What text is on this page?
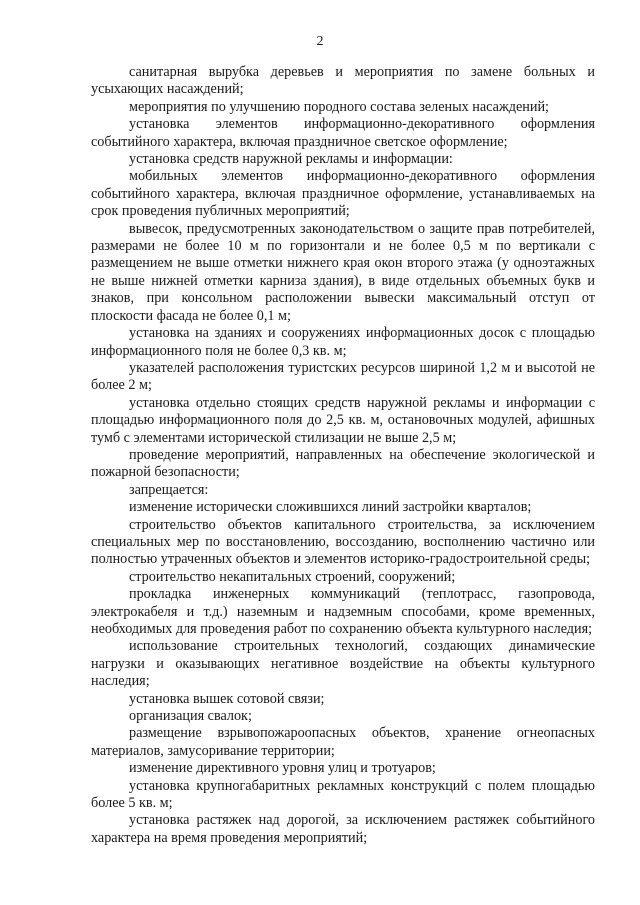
2

санитарная вырубка деревьев и мероприятия по замене больных и усыхающих насаждений;

мероприятия по улучшению породного состава зеленых насаждений;

установка элементов информационно-декоративного оформления событийного характера, включая праздничное светское оформление;

установка средств наружной рекламы и информации:

мобильных элементов информационно-декоративного оформления событийного характера, включая праздничное оформление, устанавливаемых на срок проведения публичных мероприятий;

вывесок, предусмотренных законодательством о защите прав потребителей, размерами не более 10 м по горизонтали и не более 0,5 м по вертикали с размещением не выше отметки нижнего края окон второго этажа (у одноэтажных не выше нижней отметки карниза здания), в виде отдельных объемных букв и знаков, при консольном расположении вывески максимальный отступ от плоскости фасада не более 0,1 м;

установка на зданиях и сооружениях информационных досок с площадью информационного поля не более 0,3 кв. м;

указателей расположения туристских ресурсов шириной 1,2 м и высотой не более 2 м;

установка отдельно стоящих средств наружной рекламы и информации с площадью информационного поля до 2,5 кв. м, остановочных модулей, афишных тумб с элементами исторической стилизации не выше 2,5 м;

проведение мероприятий, направленных на обеспечение экологической и пожарной безопасности;

запрещается:

изменение исторически сложившихся линий застройки кварталов;

строительство объектов капитального строительства, за исключением специальных мер по восстановлению, воссозданию, восполнению частично или полностью утраченных объектов и элементов историко-градостроительной среды;

строительство некапитальных строений, сооружений;

прокладка инженерных коммуникаций (теплотрасс, газопровода, электрокабеля и т.д.) наземным и надземным способами, кроме временных, необходимых для проведения работ по сохранению объекта культурного наследия;

использование строительных технологий, создающих динамические нагрузки и оказывающих негативное воздействие на объекты культурного наследия;

установка вышек сотовой связи;

организация свалок;

размещение взрывопожароопасных объектов, хранение огнеопасных материалов, замусоривание территории;

изменение директивного уровня улиц и тротуаров;

установка крупногабаритных рекламных конструкций с полем площадью более 5 кв. м;

установка растяжек над дорогой, за исключением растяжек событийного характера на время проведения мероприятий;
